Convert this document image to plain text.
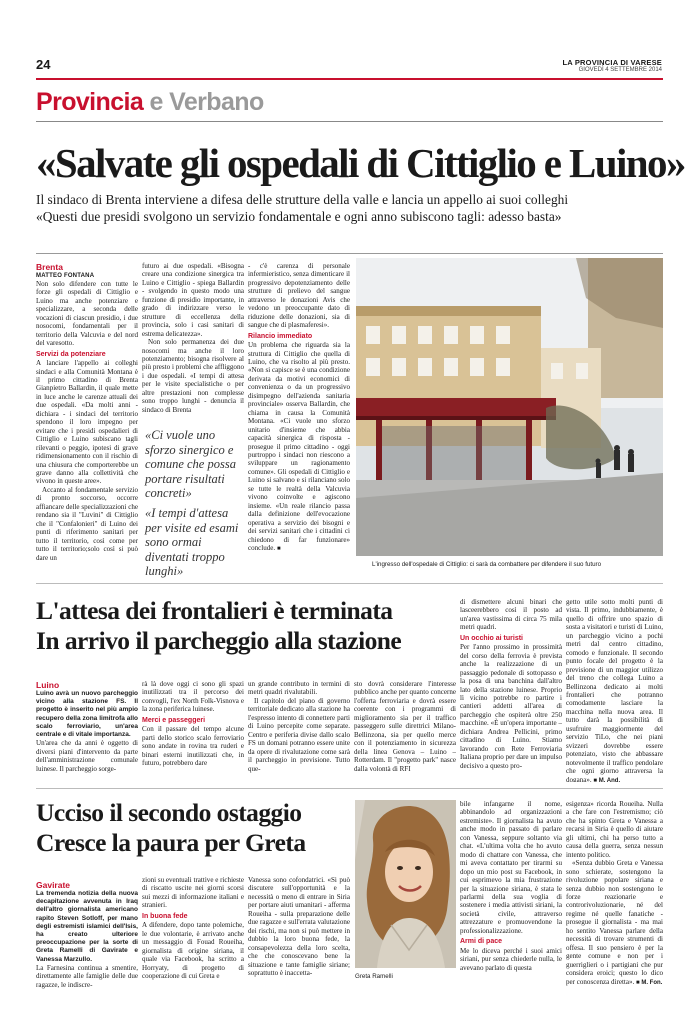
24	LA PROVINCIA DI VARESE
GIOVEDÌ 4 SETTEMBRE 2014
Provincia e Verbano
«Salvate gli ospedali di Cittiglio e Luino»
Il sindaco di Brenta interviene a difesa delle strutture della valle e lancia un appello ai suoi colleghi
«Questi due presidi svolgono un servizio fondamentale e ogni anno subiscono tagli: adesso basta»
Brenta
MATTEO FONTANA

Non solo difendere con tutte le forze gli ospedali di Cittiglio e Luino ma anche potenziare e specializzare, a seconda delle vocazioni di ciascun presidio, i due nosocomi, fondamentali per il territorio della Valcuvia e del nord del varesotto.

Servizi da potenziare

A lanciare l'appello ai colleghi sindaci e alla Comunità Montana è il primo cittadino di Brenta Gianpietro Ballardin, il quale mette in luce anche le carenze attuali dei due ospedali. «Da molti anni - dichiara - i sindaci del territorio spendono il loro impegno per evitare che i presidi ospedalieri di Cittiglio e Luino subiscano tagli rilevanti o peggio, ipotesi di grave ridimensionamento con il rischio di una chiusura che comporterebbe un grave danno alla collettività che vivono in queste aree».

Accanto al fondamentale servizio di pronto soccorso, occorre affiancare delle specializzazioni che rendano sia il "Luvini" di Cittiglio che il "Confalonieri" di Luino dei punti di riferimento sanitari per tutto il territorio, così come per tutto il territorio;solo così si può dare un

futuro ai due ospedali. «Bisogna creare una condizione sinergica tra Luino e Cittiglio - spiega Ballardin - svolgendo in questo modo una funzione di presidio importante, in grado di indirizzare verso le strutture di eccellenza della provincia, solo i casi sanitari di estrema delicatezza».

Non solo permanenza dei due nosocomi ma anche il loro potenziamento; bisogna risolvere al più presto i problemi che affliggono i due ospedali. «I tempi di attesa per le visite specialistiche o per altre prestazioni non complesse sono troppo lunghi - denuncia il sindaco di Brenta

«Ci vuole uno sforzo sinergico e comune che possa portare risultati concreti»
«I tempi d'attesa per visite ed esami sono ormai diventati troppo lunghi»

- c'è carenza di personale infermieristico, senza dimenticare il progressivo depotenziamento delle strutture di prelievo del sangue attraverso le donazioni Avis che vedono un preoccupante dato di riduzione delle donazioni, sia di sangue che di plasmaferesi».

Rilancio immediato

Un problema che riguarda sia la struttura di Cittiglio che quella di Luino, che va risolto al più presto. «Non si capisce se è una condizione derivata da motivi economici di convenienza o da un progressivo disimpegno dell'azienda sanitaria provinciale» osserva Ballardin, che chiama in causa la Comunità Montana. «Ci vuole uno sforzo unitario d'insieme che abbia capacità sinergica di risposta - prosegue il primo cittadino - oggi purtroppo i sindaci non riescono a sviluppare un ragionamento comune». Gli ospedali di Cittiglio e Luino si salvano e si rilanciano solo se tutte le realtà della Valcuvia vivono coinvolte e agiscono insieme. «Un reale rilancio passa dalla definizione dell'evocazione operativa a servizio dei bisogni e dei servizi sanitari che i cittadini ci chiedono di far funzionare» conclude. ■

L'ingresso dell'ospedale di Cittiglio: ci sarà da combattere per difendere il suo futuro
L'attesa dei frontalieri è terminata
In arrivo il parcheggio alla stazione
Luino
Luino avrà un nuovo parcheggio vicino alla stazione FS. Il progetto è inserito nel più ampio recupero della zona limitrofa allo scalo ferroviario, un'area centrale e di vitale importanza.

Un'area che da anni è oggetto di diversi piani d'intervento da parte dell'amministrazione comunale luinese. Il parcheggio sorge-

rà là dove oggi ci sono gli spazi inutilizzati tra il percorso dei convogli, l'ex North Folk-Visnova e la zona periferica luinese.

Merci e passeggeri

Con il passare del tempo alcune parti dello storico scalo ferroviario sono andate in rovina tra ruderi e binari esterni inutilizzati che, in futuro, potrebbero dare

un grande contributo in termini di metri quadri rivalutabili.

Il capitolo del piano di governo territoriale dedicato alla stazione ha l'espresso intento di connettere parti di Luino percepite come separate. Centro e periferia divise dallo scalo FS un domani potranno essere unite da opere di rivalutazione come sarà il parcheggio in previsione. Tutto que-

sto dovrà considerare l'interesse pubblico anche per quanto concerne l'offerta ferroviaria e dovrà essere coerente con i programmi di miglioramento sia per il traffico passeggero sulle direttrici Milano-Bellinzona, sia per quello merce con il potenziamento in sicurezza della linea Genova – Luino – Rotterdam. Il "progetto park" nasce dalla volontà di RFI

di dismettere alcuni binari che lasceerebbero così il posto ad un'area vastissima di circa 75 mila metri quadri.

Un occhio ai turisti

Per l'anno prossimo in prossimità del corso della ferrovia è prevista anche la realizzazione di un passaggio pedonale di sottopasso e la posa di una banchina dall'altro lato della stazione luinese. Proprio lì vicino potrebbe ro partire i cantieri addetti all'area di parcheggio che ospiterà oltre 250 macchine. «È un'opera importante – dichiara Andrea Pellicini, primo cittadino di Luino. Stiamo lavorando con Rete Ferroviaria Italiana proprio per dare un impulso decisivo a questo pro-

getto utile sotto molti punti di vista. Il primo, indubbiamente, è quello di offrire uno spazio di sosta a visitatori e turisti di Luino, un parcheggio vicino a pochi metri dal centro cittadino, comodo e funzionale. Il secondo punto focale del progetto è la previsione di un maggior utilizzo del treno che collega Luino a Bellinzona dedicato ai molti frontalieri che potranno comodamente lasciare la macchina nella nuova area. Il tutto darà la possibilità di usufruire maggiormente del servizio TiLo, che nei piani svizzeri dovrebbe essere potenziato, visto che abbassare notevolmente il traffico pendolare che ogni giorno attraversa la dogana». ■ M. And.

Ucciso il secondo ostaggio
Cresce la paura per Greta
Gavirate
La tremenda notizia della nuova decapitazione avvenuta in Iraq dell'altro giornalista americano rapito Steven Sotloff, per mano degli estremisti islamici dell'Isis, ha creato ulteriore preoccupazione per la sorte di Greta Ramelli di Gavirate e Vanessa Marzullo.

La Farnesina continua a smentire, direttamente alle famiglie delle due ragazze, le indiscre-

zioni su eventuali trattive e richieste di riscatto uscite nei giorni scorsi sui mezzi di informazione italiani e stranieri.

In buona fede

A difendere, dopo tante polemiche, le due volontarie, è arrivato anche un messaggio di Fouad Roueiha, giornalista di origine siriana, il quale via Facebook, ha scritto a Horryaty, di progetto di cooperazione di cui Greta e

Vanessa sono cofondatrici. «Si può discutere sull'opportunità e la necessità o meno di entrare in Siria per portare aiuti umanitari - afferma Roueiha - sulla preparazione delle due ragazze e sull'errata valutazione dei rischi, ma non si può mettere in dubbio la loro buona fede, la consapevolezza della loro scelta, che che conoscevano bene la situazione e tante famiglie siriane; soprattutto è inaccetta-	Greta Ramelli

bile infangarne il nome, abbinandolo ad organizzazioni estremiste». Il giornalista ha avuto anche modo in passato di parlare con Vanessa, seppure soltanto via chat. «L'ultima volta che ho avuto modo di chattare con Vanessa, che mi aveva contattato per tirarmi su dopo un mio post su Facebook, in cui esprimevo la mia frustrazione per la situazione siriana, è stata le parlarmi della sua voglia di sostenere i media attivisti siriani, la società civile, attraverso attrezzature e promuovendone la professionalizzazione.

Armi di pace

Me lo diceva perché i suoi amici siriani, pur senza chiederle nulla, le avevano parlato di questa

esigenza» ricorda Roueiha. Nulla a che fare con l'estremismo; ciò che ha spinto Greta e Vanessa a recarsi in Siria è quello di aiutare gli ultimi, chi ha perso tutto a causa della guerra, senza nessun intento politico.

«Senza dubbio Greta e Vanessa sono schierate, sostengono la rivoluzione popolare siriana e senza dubbio non sostengono le forze reazionarie e controrivoluzionarie, né del regime né quelle fanatiche - prosegue il giornalista - ma mai ho sentito Vanessa parlare della necessità di trovare strumenti di offesa. Il suo pensiero è per la gente comune e non per i guerriglieri o i partigiani che pur considera eroici; questo lo dico per conoscenza diretta». ■ M. Fon.
